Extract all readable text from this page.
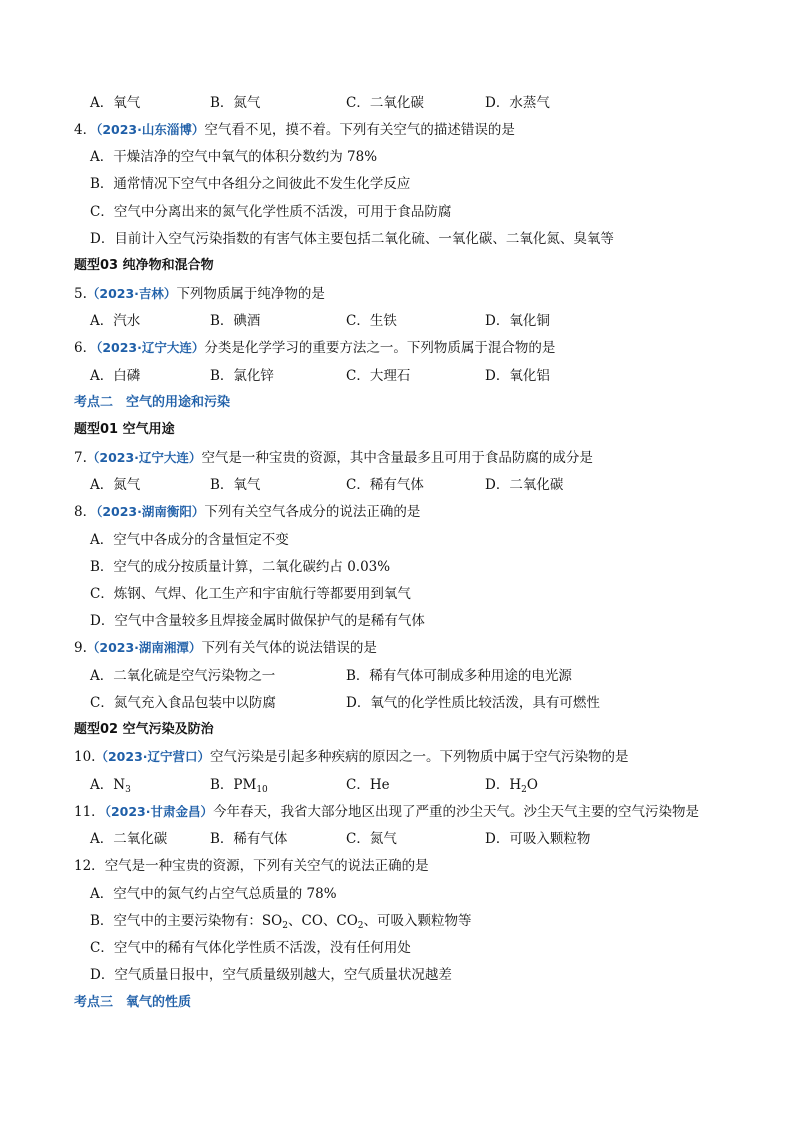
A．氧气	B．氮气	C．二氧化碳	D．水蒸气
4．（2023·山东淄博）空气看不见，摸不着。下列有关空气的描述错误的是
A．干燥洁净的空气中氧气的体积分数约为 78%
B．通常情况下空气中各组分之间彼此不发生化学反应
C．空气中分离出来的氮气化学性质不活泼，可用于食品防腐
D．目前计入空气污染指数的有害气体主要包括二氧化硫、一氧化碳、二氧化氮、臭氧等
题型03 纯净物和混合物
5.（2023·吉林）下列物质属于纯净物的是
A．汽水	B．碘酒	C．生铁	D．氧化铜
6．（2023·辽宁大连）分类是化学学习的重要方法之一。下列物质属于混合物的是
A．白磷	B．氯化锌	C．大理石	D．氧化铝
考点二　空气的用途和污染
题型01 空气用途
7.（2023·辽宁大连）空气是一种宝贵的资源，其中含量最多且可用于食品防腐的成分是
A．氮气	B．氧气	C．稀有气体	D．二氧化碳
8．（2023·湖南衡阳）下列有关空气各成分的说法正确的是
A．空气中各成分的含量恒定不变
B．空气的成分按质量计算，二氧化碳约占 0.03%
C．炼钢、气焊、化工生产和宇宙航行等都要用到氧气
D．空气中含量较多且焊接金属时做保护气的是稀有气体
9.（2023·湖南湘潭）下列有关气体的说法错误的是
A．二氧化硫是空气污染物之一	B．稀有气体可制成多种用途的电光源
C．氮气充入食品包装中以防腐	D．氧气的化学性质比较活泼，具有可燃性
题型02 空气污染及防治
10.（2023·辽宁营口）空气污染是引起多种疾病的原因之一。下列物质中属于空气污染物的是
A．$N_3$	B．$PM_{10}$	C．He	D．$H_2O$
11．（2023·甘肃金昌）今年春天，我省大部分地区出现了严重的沙尘天气。沙尘天气主要的空气污染物是
A．二氧化碳	B．稀有气体	C．氮气	D．可吸入颗粒物
12．空气是一种宝贵的资源，下列有关空气的说法正确的是
A．空气中的氮气约占空气总质量的 78%
B．空气中的主要污染物有：$SO_2$、CO、$CO_2$、可吸入颗粒物等
C．空气中的稀有气体化学性质不活泼，没有任何用处
D．空气质量日报中，空气质量级别越大，空气质量状况越差
考点三　氧气的性质
